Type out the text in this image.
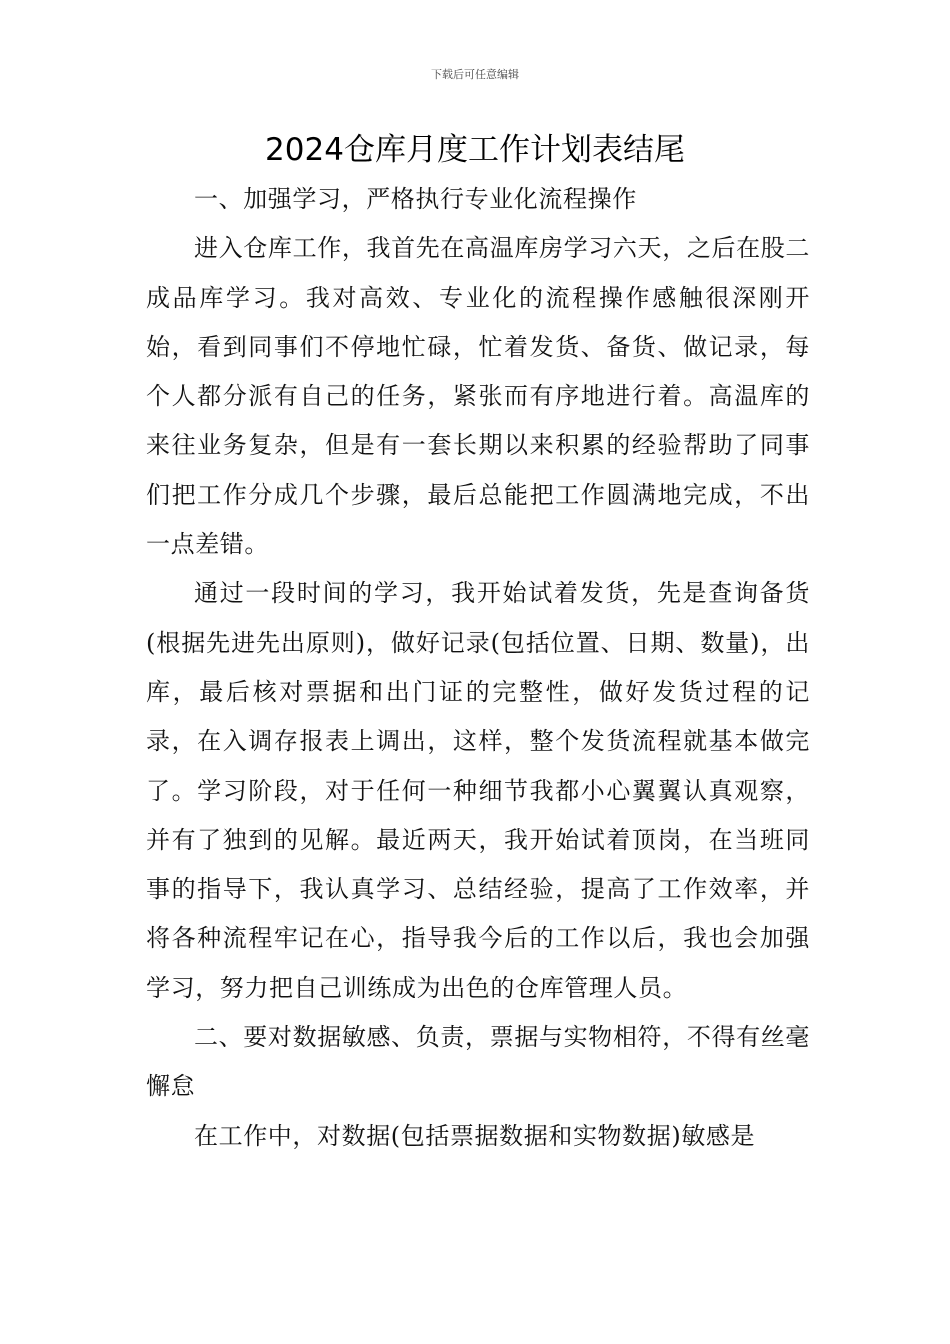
下载后可任意编辑
2024仓库月度工作计划表结尾

一、加强学习，严格执行专业化流程操作

进入仓库工作，我首先在高温库房学习六天，之后在股二成品库学习。我对高效、专业化的流程操作感触很深刚开始，看到同事们不停地忙碌，忙着发货、备货、做记录，每个人都分派有自己的任务，紧张而有序地进行着。高温库的来往业务复杂，但是有一套长期以来积累的经验帮助了同事们把工作分成几个步骤，最后总能把工作圆满地完成，不出一点差错。

通过一段时间的学习，我开始试着发货，先是查询备货(根据先进先出原则)，做好记录(包括位置、日期、数量)，出库，最后核对票据和出门证的完整性，做好发货过程的记录，在入调存报表上调出，这样，整个发货流程就基本做完了。学习阶段，对于任何一种细节我都小心翼翼认真观察，并有了独到的见解。最近两天，我开始试着顶岗，在当班同事的指导下，我认真学习、总结经验，提高了工作效率，并将各种流程牢记在心，指导我今后的工作以后，我也会加强学习，努力把自己训练成为出色的仓库管理人员。

二、要对数据敏感、负责，票据与实物相符，不得有丝毫懈怠

在工作中，对数据(包括票据数据和实物数据)敏感是
